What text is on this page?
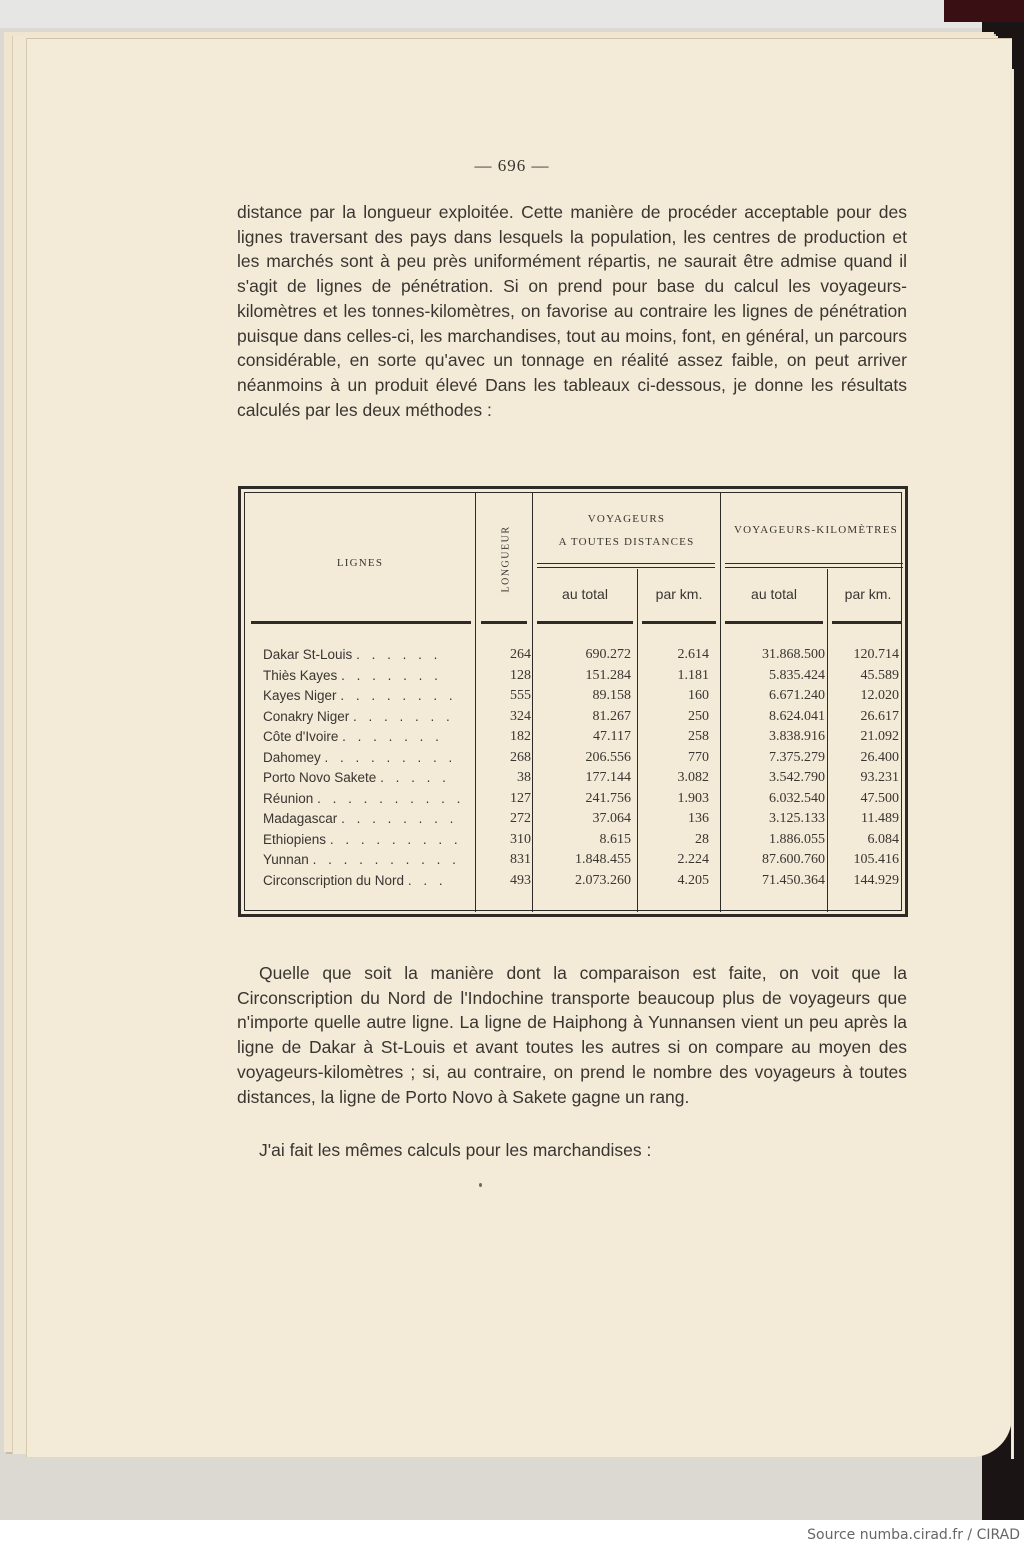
— 696 —

distance par la longueur exploitée. Cette manière de procéder acceptable pour des lignes traversant des pays dans lesquels la population, les centres de production et les marchés sont à peu près uniformément répartis, ne saurait être admise quand il s'agit de lignes de pénétration. Si on prend pour base du calcul les voyageurs-kilomètres et les tonnes-kilomètres, on favorise au contraire les lignes de pénétration puisque dans celles-ci, les marchandises, tout au moins, font, en général, un parcours considérable, en sorte qu'avec un tonnage en réalité assez faible, on peut arriver néanmoins à un produit élevé Dans les tableaux ci-dessous, je donne les résultats calculés par les deux méthodes :

LIGNES	LONGUEUR
VOYAGEURS
A TOUTES DISTANCES
VOYAGEURS-KILOMÈTRES
au total	par km.	au total	par km.
Dakar St-Louis . . . . . .	264	690.272	2.614	31.868.500	120.714
Thiès Kayes . . . . . . .	128	151.284	1.181	5.835.424	45.589
Kayes Niger . . . . . . . .	555	89.158	160	6.671.240	12.020
Conakry Niger . . . . . . .	324	81.267	250	8.624.041	26.617
Côte d'Ivoire . . . . . . .	182	47.117	258	3.838.916	21.092
Dahomey . . . . . . . . .	268	206.556	770	7.375.279	26.400
Porto Novo Sakete . . . . .	38	177.144	3.082	3.542.790	93.231
Réunion . . . . . . . . . .	127	241.756	1.903	6.032.540	47.500
Madagascar . . . . . . . .	272	37.064	136	3.125.133	11.489
Ethiopiens . . . . . . . . .	310	8.615	28	1.886.055	6.084
Yunnan . . . . . . . . . .	831	1.848.455	2.224	87.600.760	105.416
Circonscription du Nord . . .	493	2.073.260	4.205	71.450.364	144.929

Quelle que soit la manière dont la comparaison est faite, on voit que la Circonscription du Nord de l'Indochine transporte beaucoup plus de voyageurs que n'importe quelle autre ligne. La ligne de Haiphong à Yunnansen vient un peu après la ligne de Dakar à St-Louis et avant toutes les autres si on compare au moyen des voyageurs-kilomètres ; si, au contraire, on prend le nombre des voyageurs à toutes distances, la ligne de Porto Novo à Sakete gagne un rang.

J'ai fait les mêmes calculs pour les marchandises :

Source numba.cirad.fr / CIRAD
